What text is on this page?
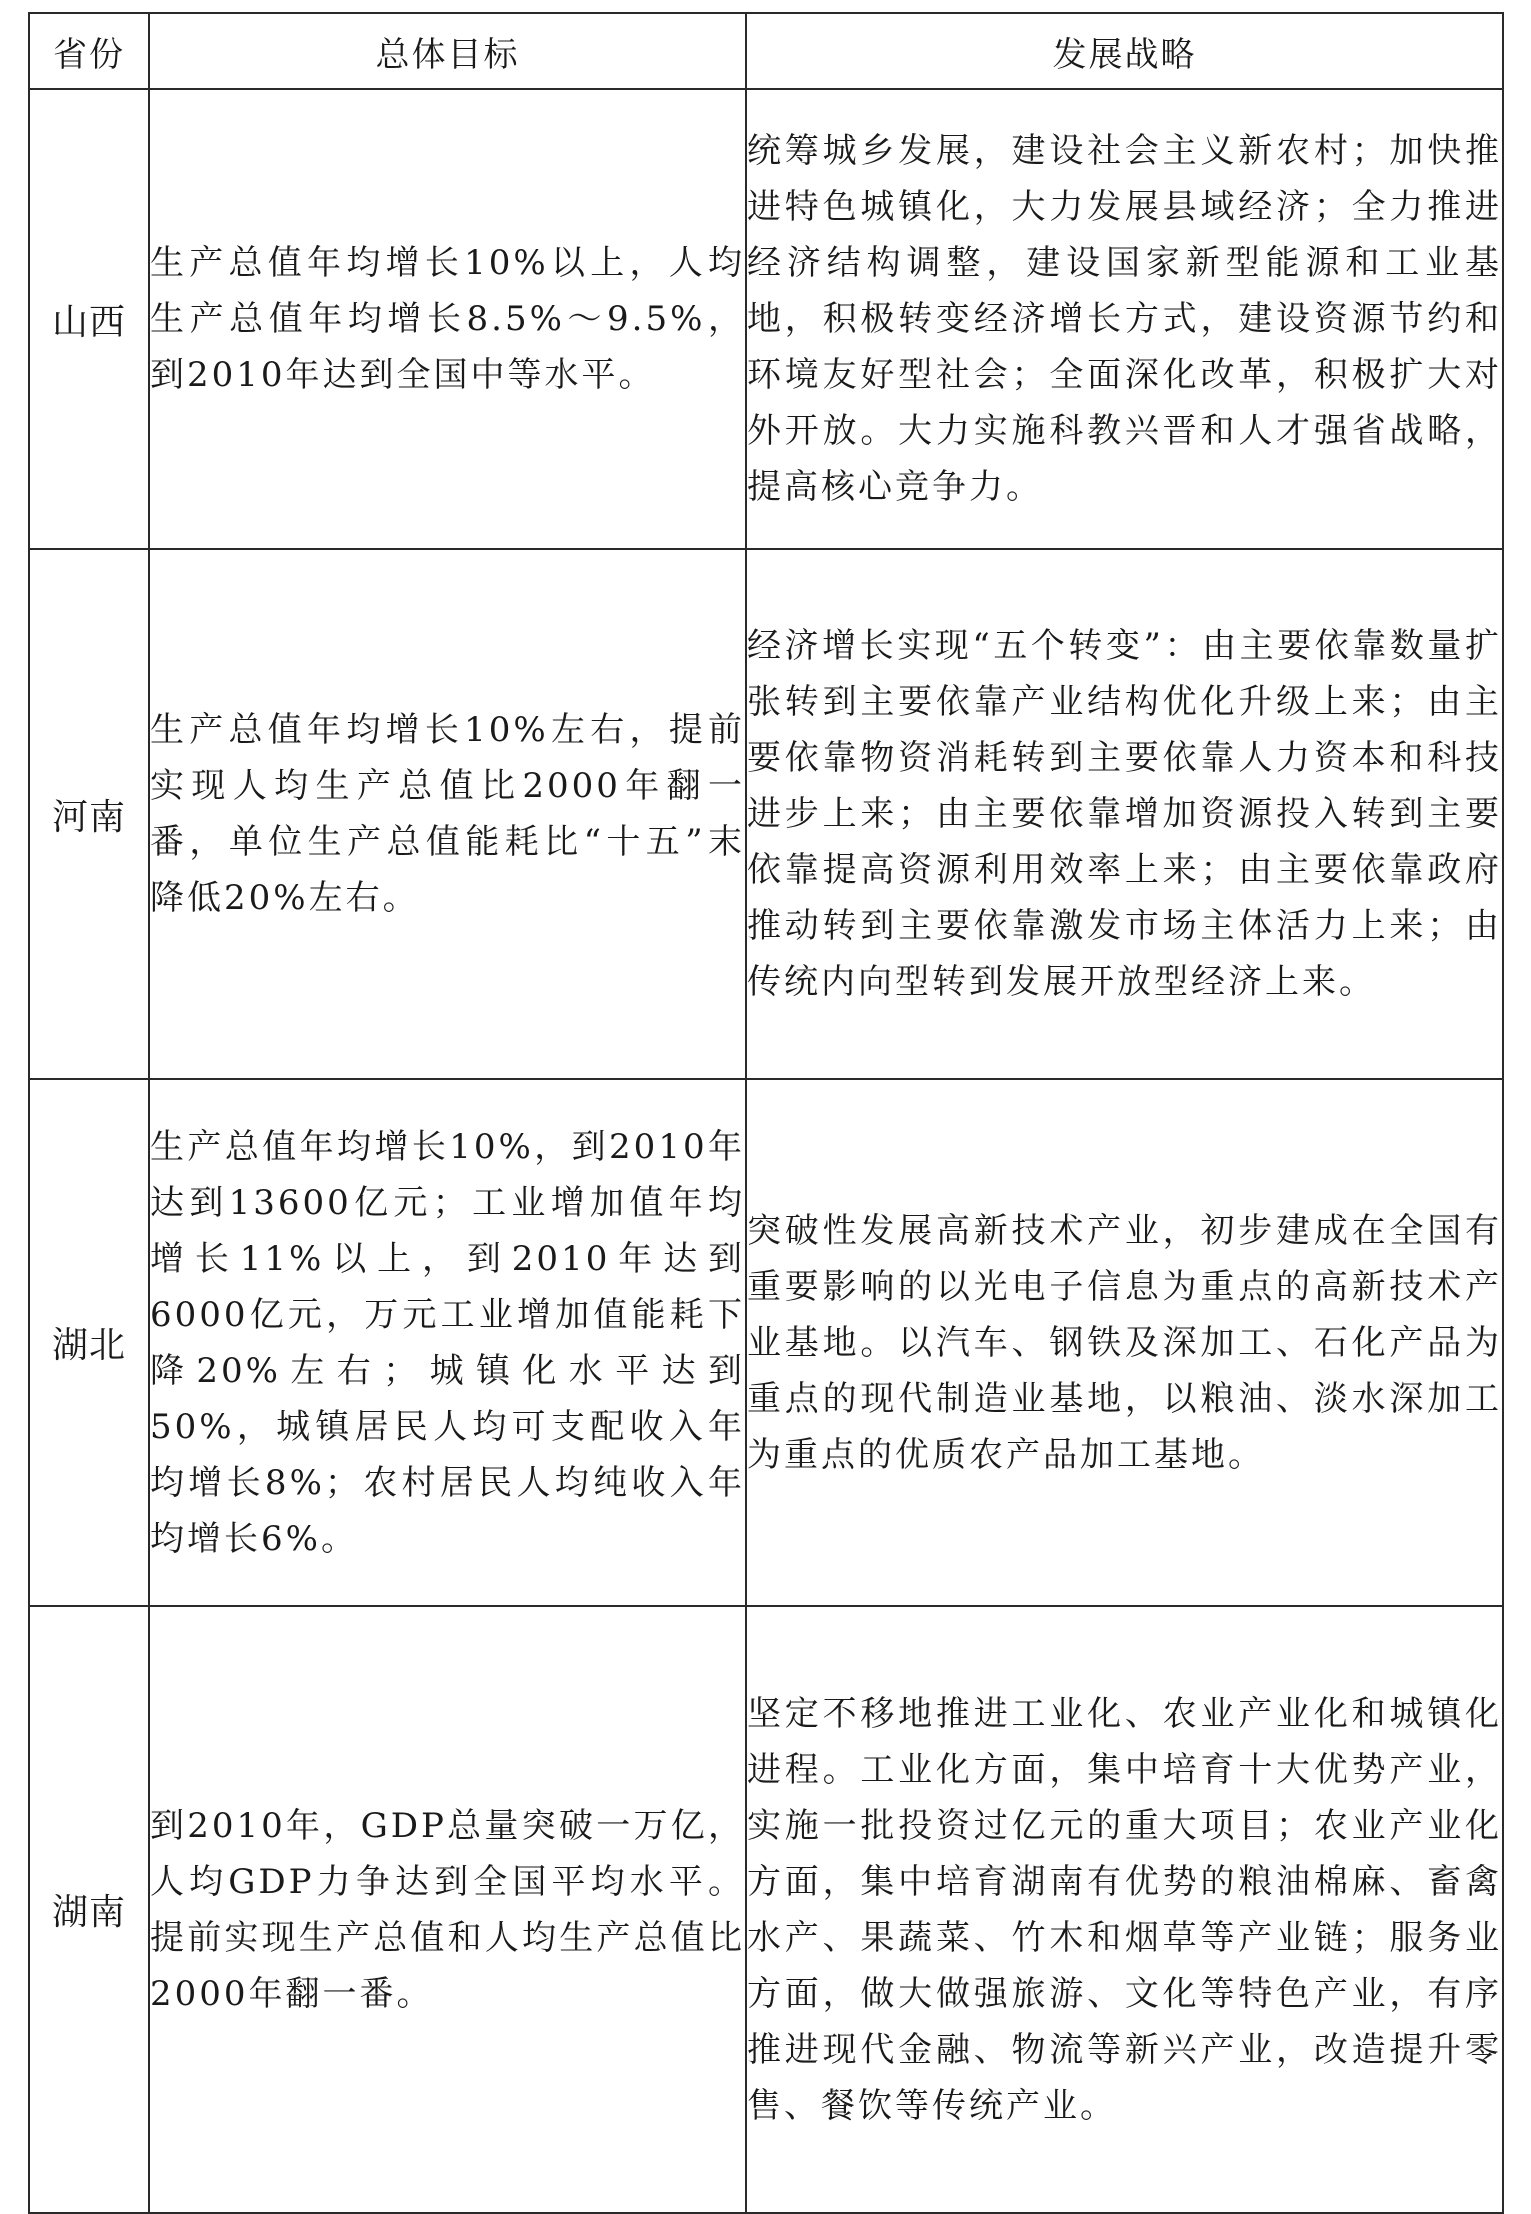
省份	总体目标	发展战略
山西	生产总值年均增长10%以上，人均生产总值年均增长8.5%～9.5%，到2010年达到全国中等水平。	统筹城乡发展，建设社会主义新农村；加快推进特色城镇化，大力发展县域经济；全力推进经济结构调整，建设国家新型能源和工业基地，积极转变经济增长方式，建设资源节约和环境友好型社会；全面深化改革，积极扩大对外开放。大力实施科教兴晋和人才强省战略，提高核心竞争力。
河南	生产总值年均增长10%左右，提前实现人均生产总值比2000年翻一番，单位生产总值能耗比“十五”末降低20%左右。	经济增长实现“五个转变”：由主要依靠数量扩张转到主要依靠产业结构优化升级上来；由主要依靠物资消耗转到主要依靠人力资本和科技进步上来；由主要依靠增加资源投入转到主要依靠提高资源利用效率上来；由主要依靠政府推动转到主要依靠激发市场主体活力上来；由传统内向型转到发展开放型经济上来。
湖北	生产总值年均增长10%，到2010年达到13600亿元；工业增加值年均增长11%以上，到2010年达到6000亿元，万元工业增加值能耗下降20%左右；城镇化水平达到50%，城镇居民人均可支配收入年均增长8%；农村居民人均纯收入年均增长6%。	突破性发展高新技术产业，初步建成在全国有重要影响的以光电子信息为重点的高新技术产业基地。以汽车、钢铁及深加工、石化产品为重点的现代制造业基地，以粮油、淡水深加工为重点的优质农产品加工基地。
湖南	到2010年，GDP总量突破一万亿，人均GDP力争达到全国平均水平。提前实现生产总值和人均生产总值比2000年翻一番。	坚定不移地推进工业化、农业产业化和城镇化进程。工业化方面，集中培育十大优势产业，实施一批投资过亿元的重大项目；农业产业化方面，集中培育湖南有优势的粮油棉麻、畜禽水产、果蔬菜、竹木和烟草等产业链；服务业方面，做大做强旅游、文化等特色产业，有序推进现代金融、物流等新兴产业，改造提升零售、餐饮等传统产业。
